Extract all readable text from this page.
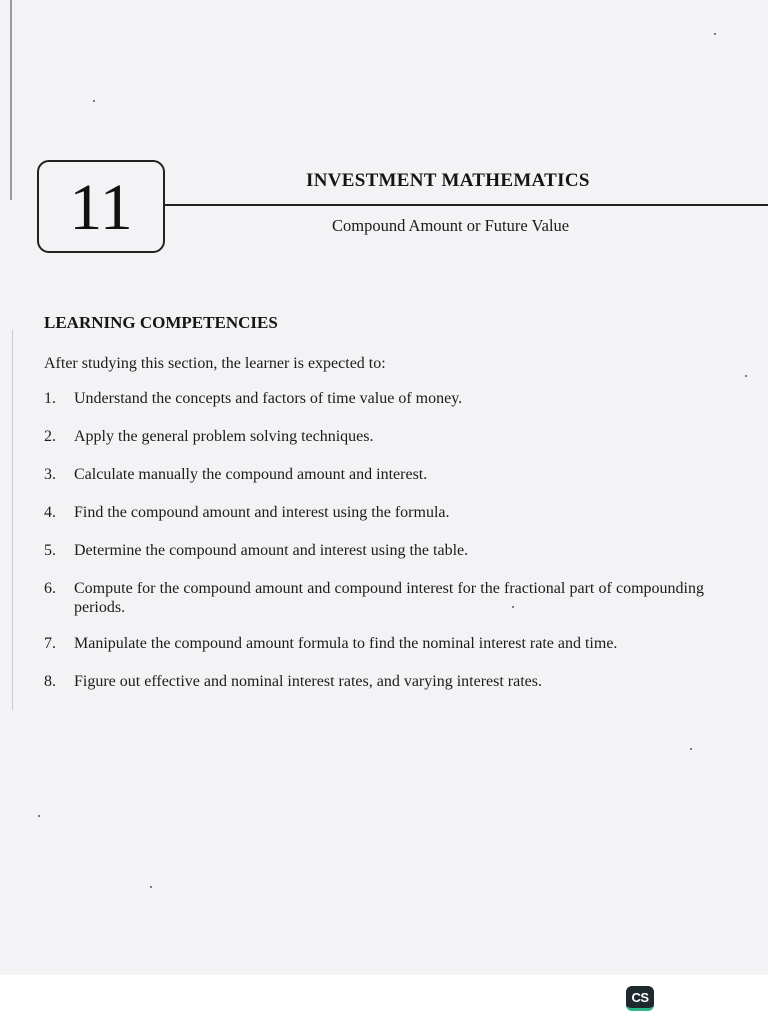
11	INVESTMENT MATHEMATICS
Compound Amount or Future Value
LEARNING COMPETENCIES
After studying this section, the learner is expected to:
1.	Understand the concepts and factors of time value of money.
2.	Apply the general problem solving techniques.
3.	Calculate manually the compound amount and interest.
4.	Find the compound amount and interest using the formula.
5.	Determine the compound amount and interest using the table.
6.	Compute for the compound amount and compound interest for the fractional part of compounding periods.
7.	Manipulate the compound amount formula to find the nominal interest rate and time.
8.	Figure out effective and nominal interest rates, and varying interest rates.
CS
